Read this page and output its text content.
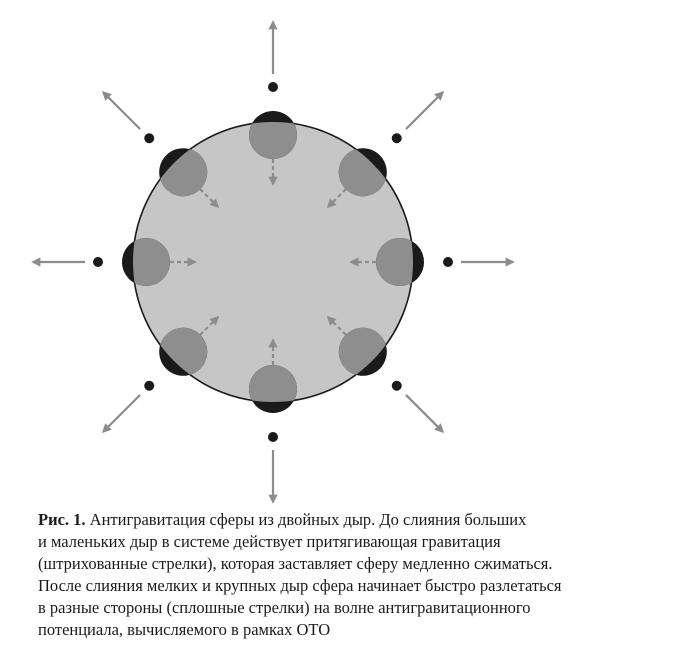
Рис. 1. Антигравитация сферы из двойных дыр. До слияния больших
и маленьких дыр в системе действует притягивающая гравитация
(штрихованные стрелки), которая заставляет сферу медленно сжиматься.
После слияния мелких и крупных дыр сфера начинает быстро разлетаться
в разные стороны (сплошные стрелки) на волне антигравитационного
потенциала, вычисляемого в рамках ОТО
